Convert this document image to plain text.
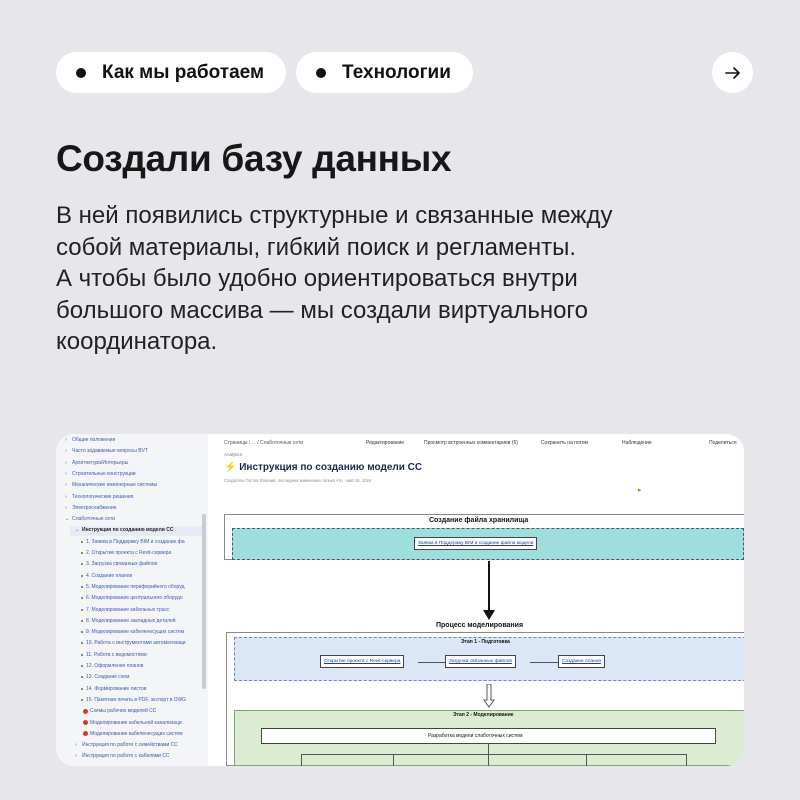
Как мы работаем	Технологии
Создали базу данных
В ней появились структурные и связанные между
собой материалы, гибкий поиск и регламенты.
А чтобы было удобно ориентироваться внутри
большого массива — мы создали виртуального
координатора.
› Общие положения
› Часто задаваемые вопросы BVT
› Архитектура/Интерьеры
› Строительные конструкции
› Механические инженерные системы
› Технологические решения
› Электроснабжение
⌄ Слаботочные сети
⌄ Инструкция по созданию модели СС
1. Заявка в Поддержку BIM и создание фа
2. Открытие проекта с Revit-сервера
3. Загрузка связанных файлов
4. Создание планов
5. Моделирование периферийного оборуд
6. Моделирование центрального оборудо
7. Моделирование кабельных трасс
8. Моделирование закладных деталей
9. Моделирование кабеленесущих систем
10. Работа с инструментами автоматизаци
11. Работа с ведомостями
12. Оформление планов
13. Создание схем
14. Формирование листов
15. Пакетная печать в PDF, экспорт в DWG
Схемы рабочих моделей СС
Моделирование кабельной канализаци
Моделирование кабеленесущих систем
› Инструкция по работе с семействами СС
› Инструкция по работе с кабелями СС
Страницы / ... / Слаботочные сети	Редактирование	Просмотр встроенных комментариев (6)	Сохранить на потом	Наблюдение	Поделиться
Analytics
⚡ Инструкция по созданию модели СС
Создатель Гостев Евгений, последнее изменение только что · май 18, 2024
▸
Создание файла хранилища
Заявка в Поддержку BIM и создание файла модели
Процесс моделирования
Этап 1 - Подготовка
Открытие проекта с Revit-сервера	Загрузка связанных файлов	Создание планов
Этап 2 - Моделирование
Разработка модели слаботочных систем
